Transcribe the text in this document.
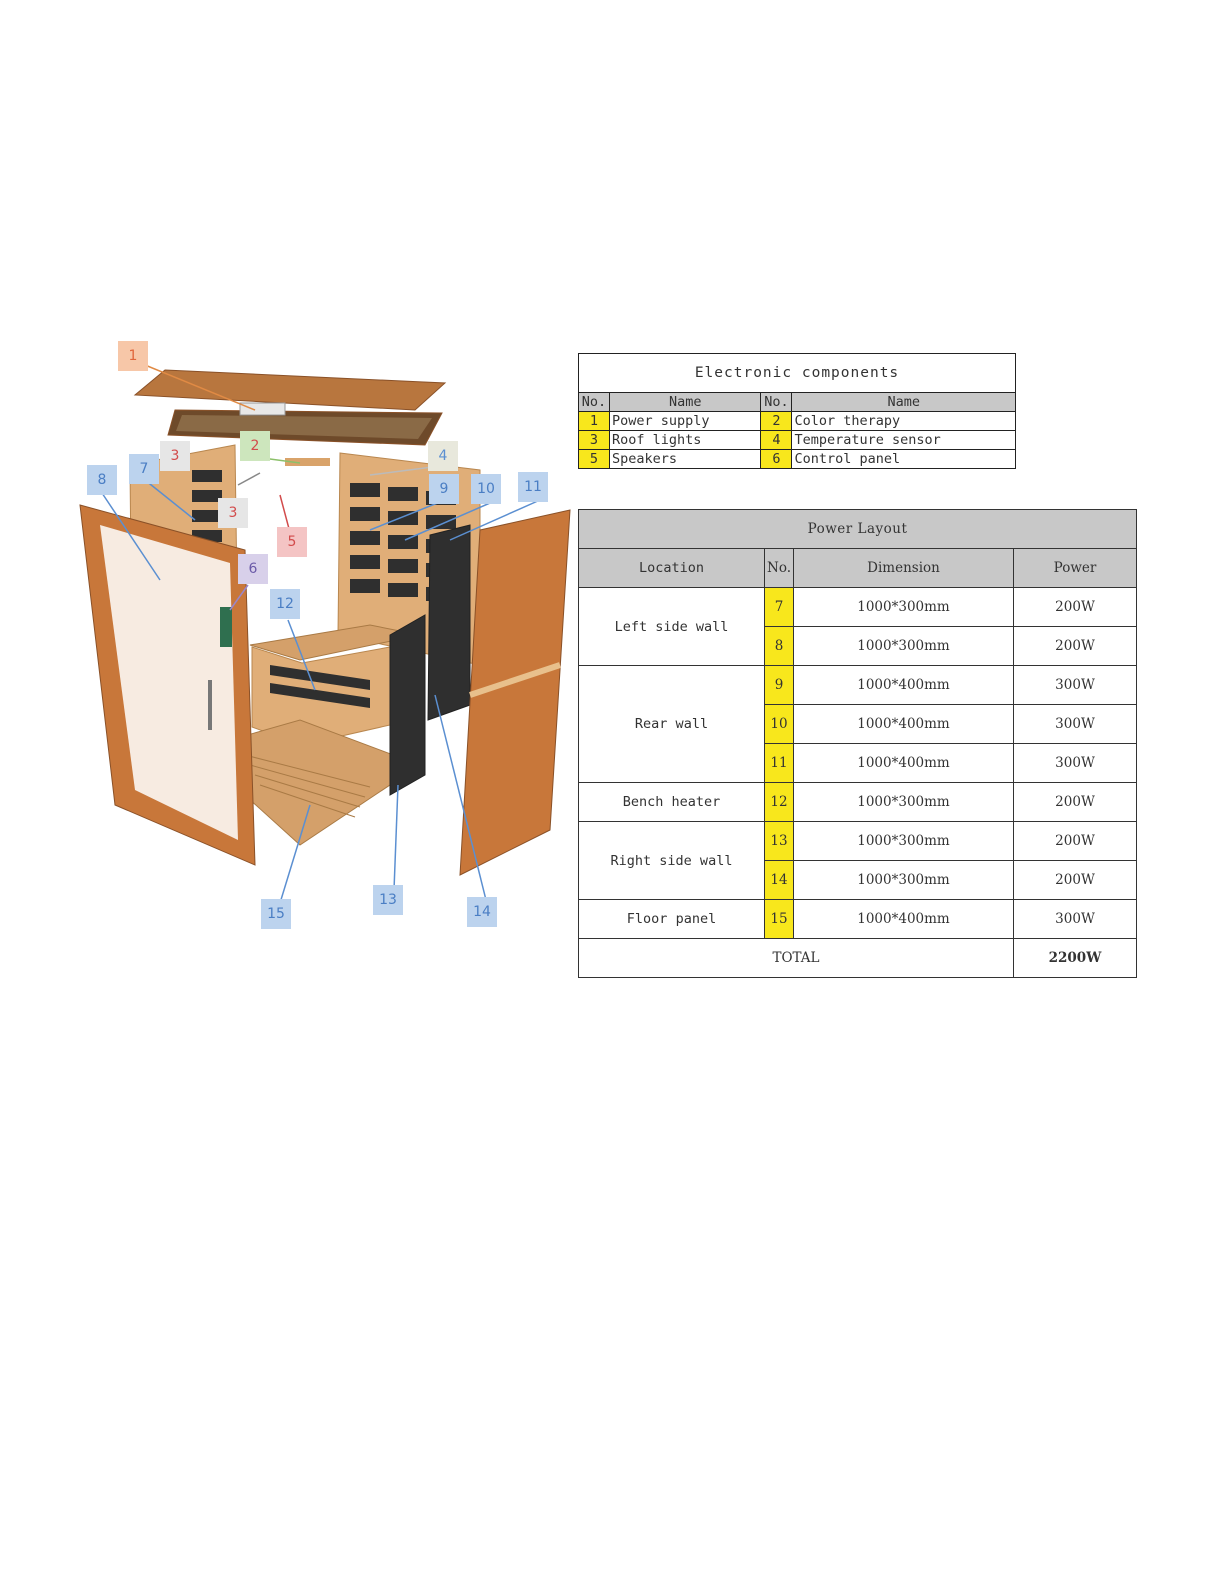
1
2
3
3
4
5
6
7
8
9	10	11
12
13
14
15
Electronic components			
No.	Name	No.	Name
1	Power supply	2	Color therapy
3	Roof lights	4	Temperature sensor
5	Speakers	6	Control panel
Power Layout			
Location	No.	Dimension	Power
Left side wall	7	1000*300mm	200W
	8	1000*300mm	200W
Rear wall	9	1000*400mm	300W
	10	1000*400mm	300W
	11	1000*400mm	300W
Bench heater	12	1000*300mm	200W
Right side wall	13	1000*300mm	200W
	14	1000*300mm	200W
Floor panel	15	1000*400mm	300W
TOTAL			2200W
